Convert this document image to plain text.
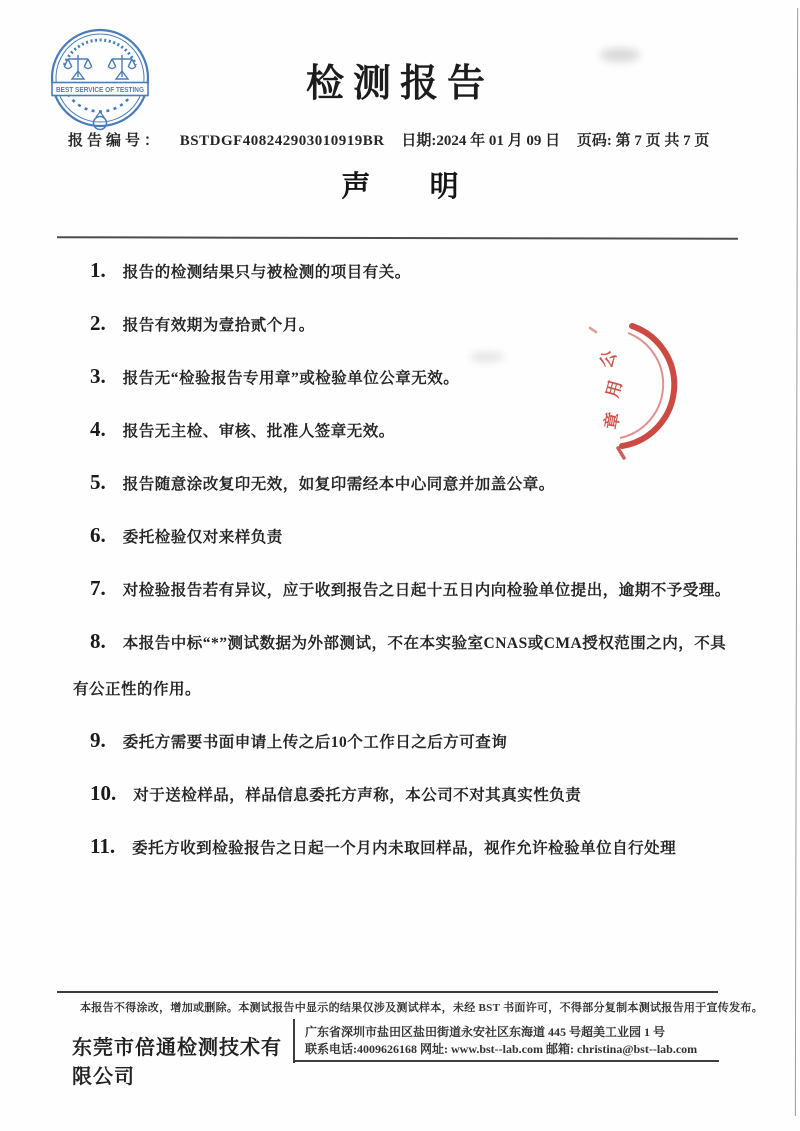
BEST SERVICE OF TESTING	检测报告
报告编号： BSTDGF408242903010919BR 日期:2024 年 01 月 09 日 页码: 第 7 页 共 7 页
声 明
1. 报告的检测结果只与被检测的项目有关。
2. 报告有效期为壹拾贰个月。
3. 报告无“检验报告专用章”或检验单位公章无效。
4. 报告无主检、审核、批准人签章无效。
5. 报告随意涂改复印无效，如复印需经本中心同意并加盖公章。
6. 委托检验仅对来样负责
7. 对检验报告若有异议，应于收到报告之日起十五日内向检验单位提出，逾期不予受理。
8. 本报告中标“*”测试数据为外部测试，不在本实验室CNAS或CMA授权范围之内，不具有公正性的作用。
9. 委托方需要书面申请上传之后10个工作日之后方可查询
10. 对于送检样品，样品信息委托方声称，本公司不对其真实性负责
11. 委托方收到检验报告之日起一个月内未取回样品，视作允许检验单位自行处理
公
用
章
本报告不得涂改，增加或删除。本测试报告中显示的结果仅涉及测试样本，未经 BST 书面许可，不得部分复制本测试报告用于宣传发布。
东莞市倍通检测技术有限公司
广东省深圳市盐田区盐田街道永安社区东海道 445 号超美工业园 1 号
联系电话:4009626168 网址: www.bst--lab.com 邮箱: christina@bst--lab.com
